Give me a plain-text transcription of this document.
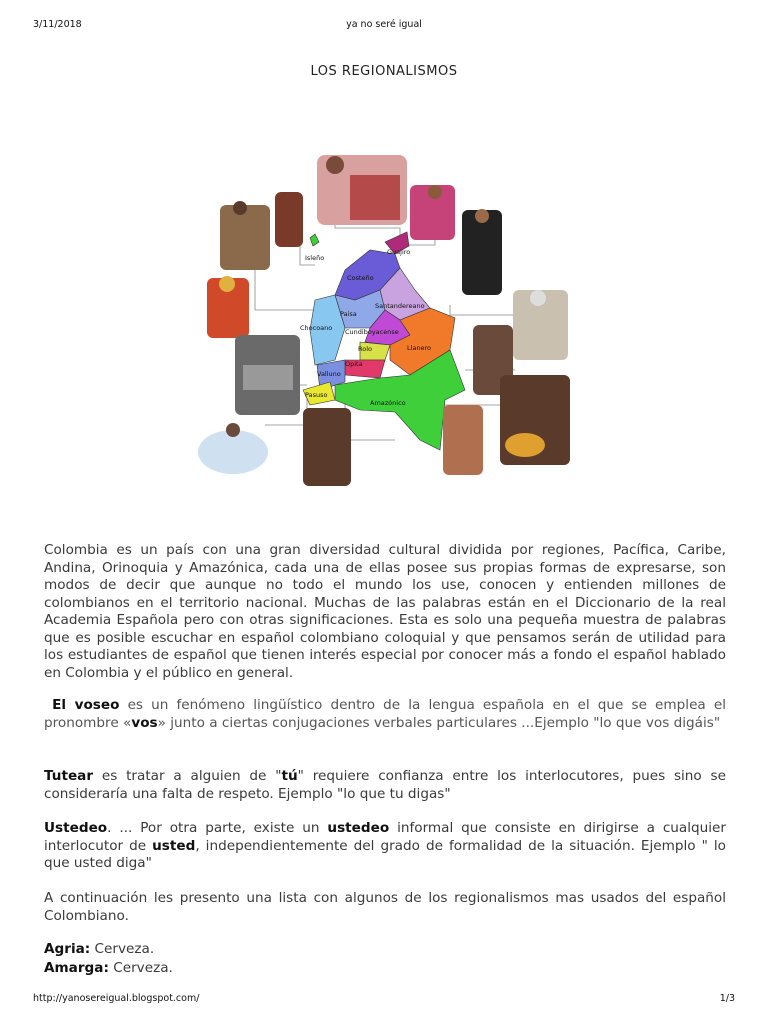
3/11/2018	ya no seré igual
LOS REGIONALISMOS
Guajiro
Isleño
Costeño
Santandereano
Paisa
Chocoano Cundiboyacense
Rolo	Llanero
Opita
Valluno
Pasuso
Amazónico
Colombia es un país con una gran diversidad cultural dividida por regiones, Pacífica, Caribe, Andina, Orinoquia y Amazónica, cada una de ellas posee sus propias formas de expresarse, son modos de decir que aunque no todo el mundo los use, conocen y entienden millones de colombianos en el territorio nacional. Muchas de las palabras están en el Diccionario de la real Academia Española pero con otras significaciones. Esta es solo una pequeña muestra de palabras que es posible escuchar en español colombiano coloquial y que pensamos serán de utilidad para los estudiantes de español que tienen interés especial por conocer más a fondo el español hablado en Colombia y el público en general.
El voseo es un fenómeno lingüístico dentro de la lengua española en el que se emplea el pronombre «vos» junto a ciertas conjugaciones verbales particulares ...Ejemplo "lo que vos digáis"
Tutear es tratar a alguien de "tú" requiere confianza entre los interlocutores, pues sino se consideraría una falta de respeto. Ejemplo "lo que tu digas"
Ustedeo. ... Por otra parte, existe un ustedeo informal que consiste en dirigirse a cualquier interlocutor de usted, independientemente del grado de formalidad de la situación. Ejemplo " lo que usted diga"
A continuación les presento una lista con algunos de los regionalismos mas usados del español Colombiano.
Agria: Cerveza.
Amarga: Cerveza.
http://yanosereigual.blogspot.com/	1/3
